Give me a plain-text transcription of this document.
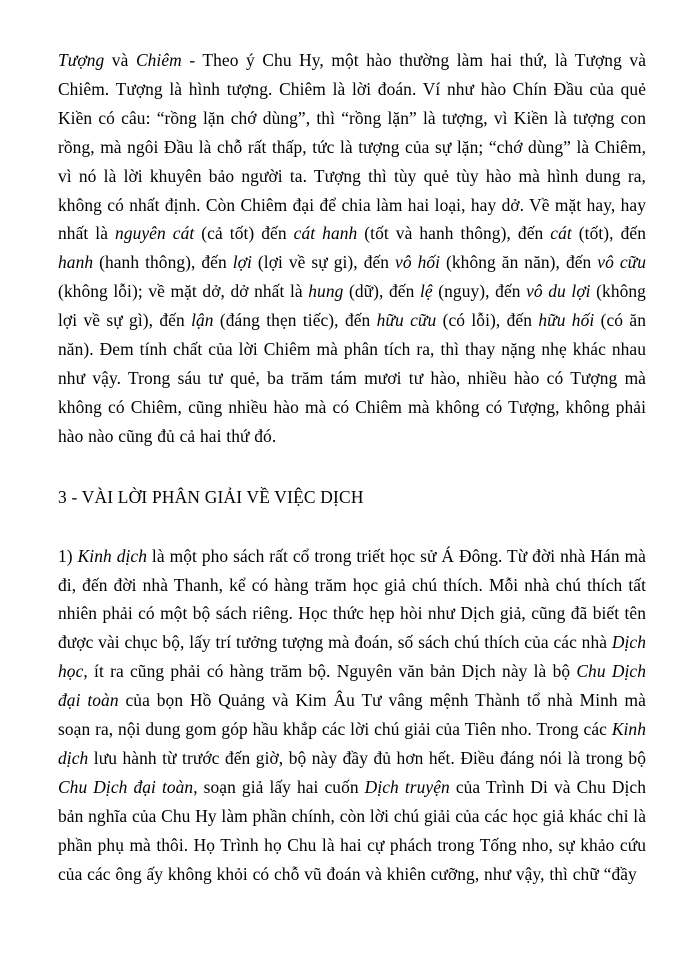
Tượng và Chiêm - Theo ý Chu Hy, một hào thường làm hai thứ, là Tượng và Chiêm. Tượng là hình tượng. Chiêm là lời đoán. Ví như hào Chín Đầu của quẻ Kiền có câu: “rồng lặn chớ dùng”, thì “rồng lặn” là tượng, vì Kiền là tượng con rồng, mà ngôi Đầu là chỗ rất thấp, tức là tượng của sự lặn; “chớ dùng” là Chiêm, vì nó là lời khuyên bảo người ta. Tượng thì tùy quẻ tùy hào mà hình dung ra, không có nhất định. Còn Chiêm đại để chia làm hai loại, hay dở. Về mặt hay, hay nhất là nguyên cát (cả tốt) đến cát hanh (tốt và hanh thông), đến cát (tốt), đến hanh (hanh thông), đến lợi (lợi về sự gi), đến vô hối (không ăn năn), đến vô cữu (không lỗi); về mặt dở, dở nhất là hung (dữ), đến lệ (nguy), đến vô du lợi (không lợi về sự gì), đến lận (đáng thẹn tiếc), đến hữu cữu (có lỗi), đến hữu hối (có ăn năn). Đem tính chất của lời Chiêm mà phân tích ra, thì thay nặng nhẹ khác nhau như vậy. Trong sáu tư quẻ, ba trăm tám mươi tư hào, nhiều hào có Tượng mà không có Chiêm, cũng nhiều hào mà có Chiêm mà không có Tượng, không phải hào nào cũng đủ cả hai thứ đó.

3 - VÀI LỜI PHÂN GIẢI VỀ VIỆC DỊCH

1) Kinh dịch là một pho sách rất cổ trong triết học sử Á Đông. Từ đời nhà Hán mà đi, đến đời nhà Thanh, kể có hàng trăm học giả chú thích. Mỗi nhà chú thích tất nhiên phải có một bộ sách riêng. Học thức hẹp hòi như Dịch giả, cũng đã biết tên được vài chục bộ, lấy trí tưởng tượng mà đoán, số sách chú thích của các nhà Dịch học, ít ra cũng phải có hàng trăm bộ. Nguyên văn bản Dịch này là bộ Chu Dịch đại toàn của bọn Hồ Quảng và Kim Âu Tư vâng mệnh Thành tổ nhà Minh mà soạn ra, nội dung gom góp hầu khắp các lời chú giải của Tiên nho. Trong các Kinh dịch lưu hành từ trước đến giờ, bộ này đầy đủ hơn hết. Điều đáng nói là trong bộ Chu Dịch đại toàn, soạn giả lấy hai cuốn Dịch truyện của Trình Di và Chu Dịch bản nghĩa của Chu Hy làm phần chính, còn lời chú giải của các học giả khác chỉ là phần phụ mà thôi. Họ Trình họ Chu là hai cự phách trong Tống nho, sự khảo cứu của các ông ấy không khỏi có chỗ vũ đoán và khiên cưỡng, như vậy, thì chữ “đầy
